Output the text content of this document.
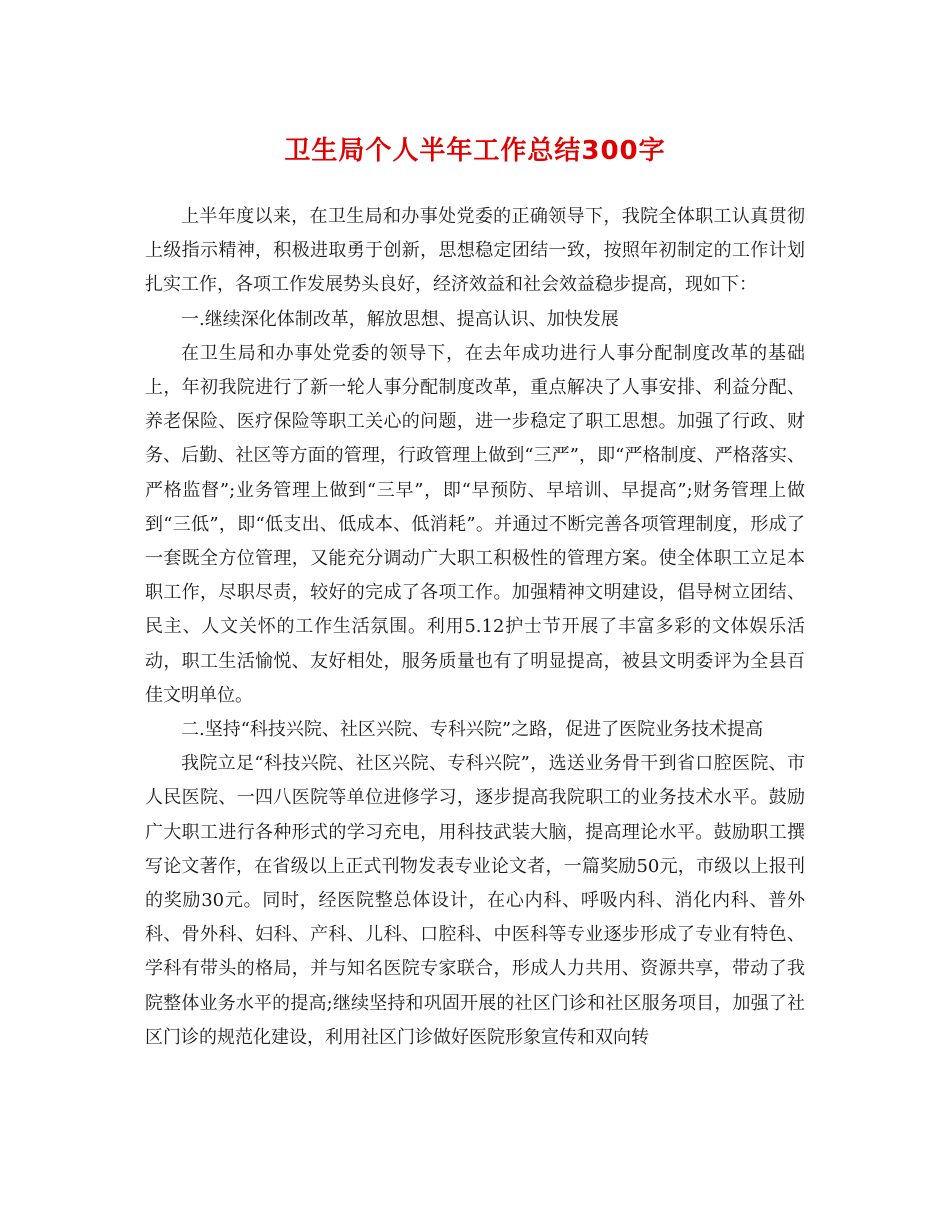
卫生局个人半年工作总结300字

上半年度以来，在卫生局和办事处党委的正确领导下，我院全体职工认真贯彻上级指示精神，积极进取勇于创新，思想稳定团结一致，按照年初制定的工作计划扎实工作，各项工作发展势头良好，经济效益和社会效益稳步提高，现如下：

一.继续深化体制改革，解放思想、提高认识、加快发展

在卫生局和办事处党委的领导下，在去年成功进行人事分配制度改革的基础上，年初我院进行了新一轮人事分配制度改革，重点解决了人事安排、利益分配、养老保险、医疗保险等职工关心的问题，进一步稳定了职工思想。加强了行政、财务、后勤、社区等方面的管理，行政管理上做到“三严”，即“严格制度、严格落实、严格监督”;业务管理上做到“三早”，即“早预防、早培训、早提高”;财务管理上做到“三低”，即“低支出、低成本、低消耗”。并通过不断完善各项管理制度，形成了一套既全方位管理，又能充分调动广大职工积极性的管理方案。使全体职工立足本职工作，尽职尽责，较好的完成了各项工作。加强精神文明建设，倡导树立团结、民主、人文关怀的工作生活氛围。利用5.12护士节开展了丰富多彩的文体娱乐活动，职工生活愉悦、友好相处，服务质量也有了明显提高，被县文明委评为全县百佳文明单位。

二.坚持“科技兴院、社区兴院、专科兴院”之路，促进了医院业务技术提高

我院立足“科技兴院、社区兴院、专科兴院”，选送业务骨干到省口腔医院、市人民医院、一四八医院等单位进修学习，逐步提高我院职工的业务技术水平。鼓励广大职工进行各种形式的学习充电，用科技武装大脑，提高理论水平。鼓励职工撰写论文著作，在省级以上正式刊物发表专业论文者，一篇奖励50元，市级以上报刊的奖励30元。同时，经医院整总体设计，在心内科、呼吸内科、消化内科、普外科、骨外科、妇科、产科、儿科、口腔科、中医科等专业逐步形成了专业有特色、学科有带头的格局，并与知名医院专家联合，形成人力共用、资源共享，带动了我院整体业务水平的提高;继续坚持和巩固开展的社区门诊和社区服务项目，加强了社区门诊的规范化建设，利用社区门诊做好医院形象宣传和双向转
